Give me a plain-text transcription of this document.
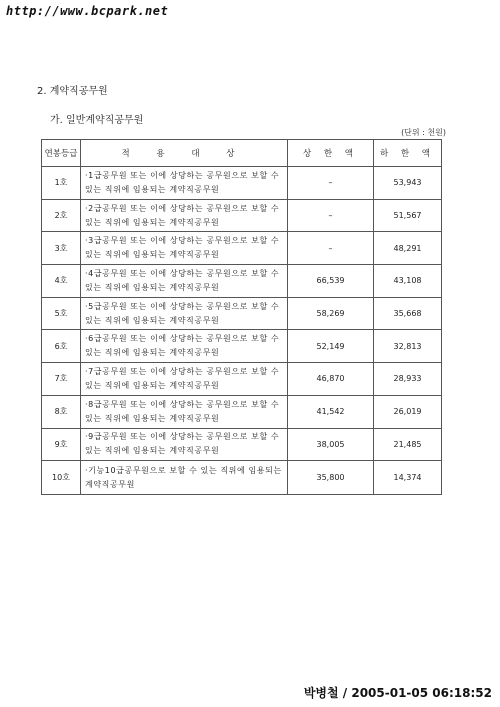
http://www.bcpark.net
2. 계약직공무원
가. 일반계약직공무원
(단위 : 천원)
연봉등급	적 용 대 상	상 한 액	하 한 액
1호	·1급공무원 또는 이에 상당하는 공무원으로 보할 수 있는 직위에 임용되는 계약직공무원	–	53,943
2호	·2급공무원 또는 이에 상당하는 공무원으로 보할 수 있는 직위에 임용되는 계약직공무원	–	51,567
3호	·3급공무원 또는 이에 상당하는 공무원으로 보할 수 있는 직위에 임용되는 계약직공무원	–	48,291
4호	·4급공무원 또는 이에 상당하는 공무원으로 보할 수 있는 직위에 임용되는 계약직공무원	66,539	43,108
5호	·5급공무원 또는 이에 상당하는 공무원으로 보할 수 있는 직위에 임용되는 계약직공무원	58,269	35,668
6호	·6급공무원 또는 이에 상당하는 공무원으로 보할 수 있는 직위에 임용되는 계약직공무원	52,149	32,813
7호	·7급공무원 또는 이에 상당하는 공무원으로 보할 수 있는 직위에 임용되는 계약직공무원	46,870	28,933
8호	·8급공무원 또는 이에 상당하는 공무원으로 보할 수 있는 직위에 임용되는 계약직공무원	41,542	26,019
9호	·9급공무원 또는 이에 상당하는 공무원으로 보할 수 있는 직위에 임용되는 계약직공무원	38,005	21,485
10호	·기능10급공무원으로 보할 수 있는 직위에 임용되는 계약직공무원	35,800	14,374
박병철 / 2005-01-05 06:18:52
